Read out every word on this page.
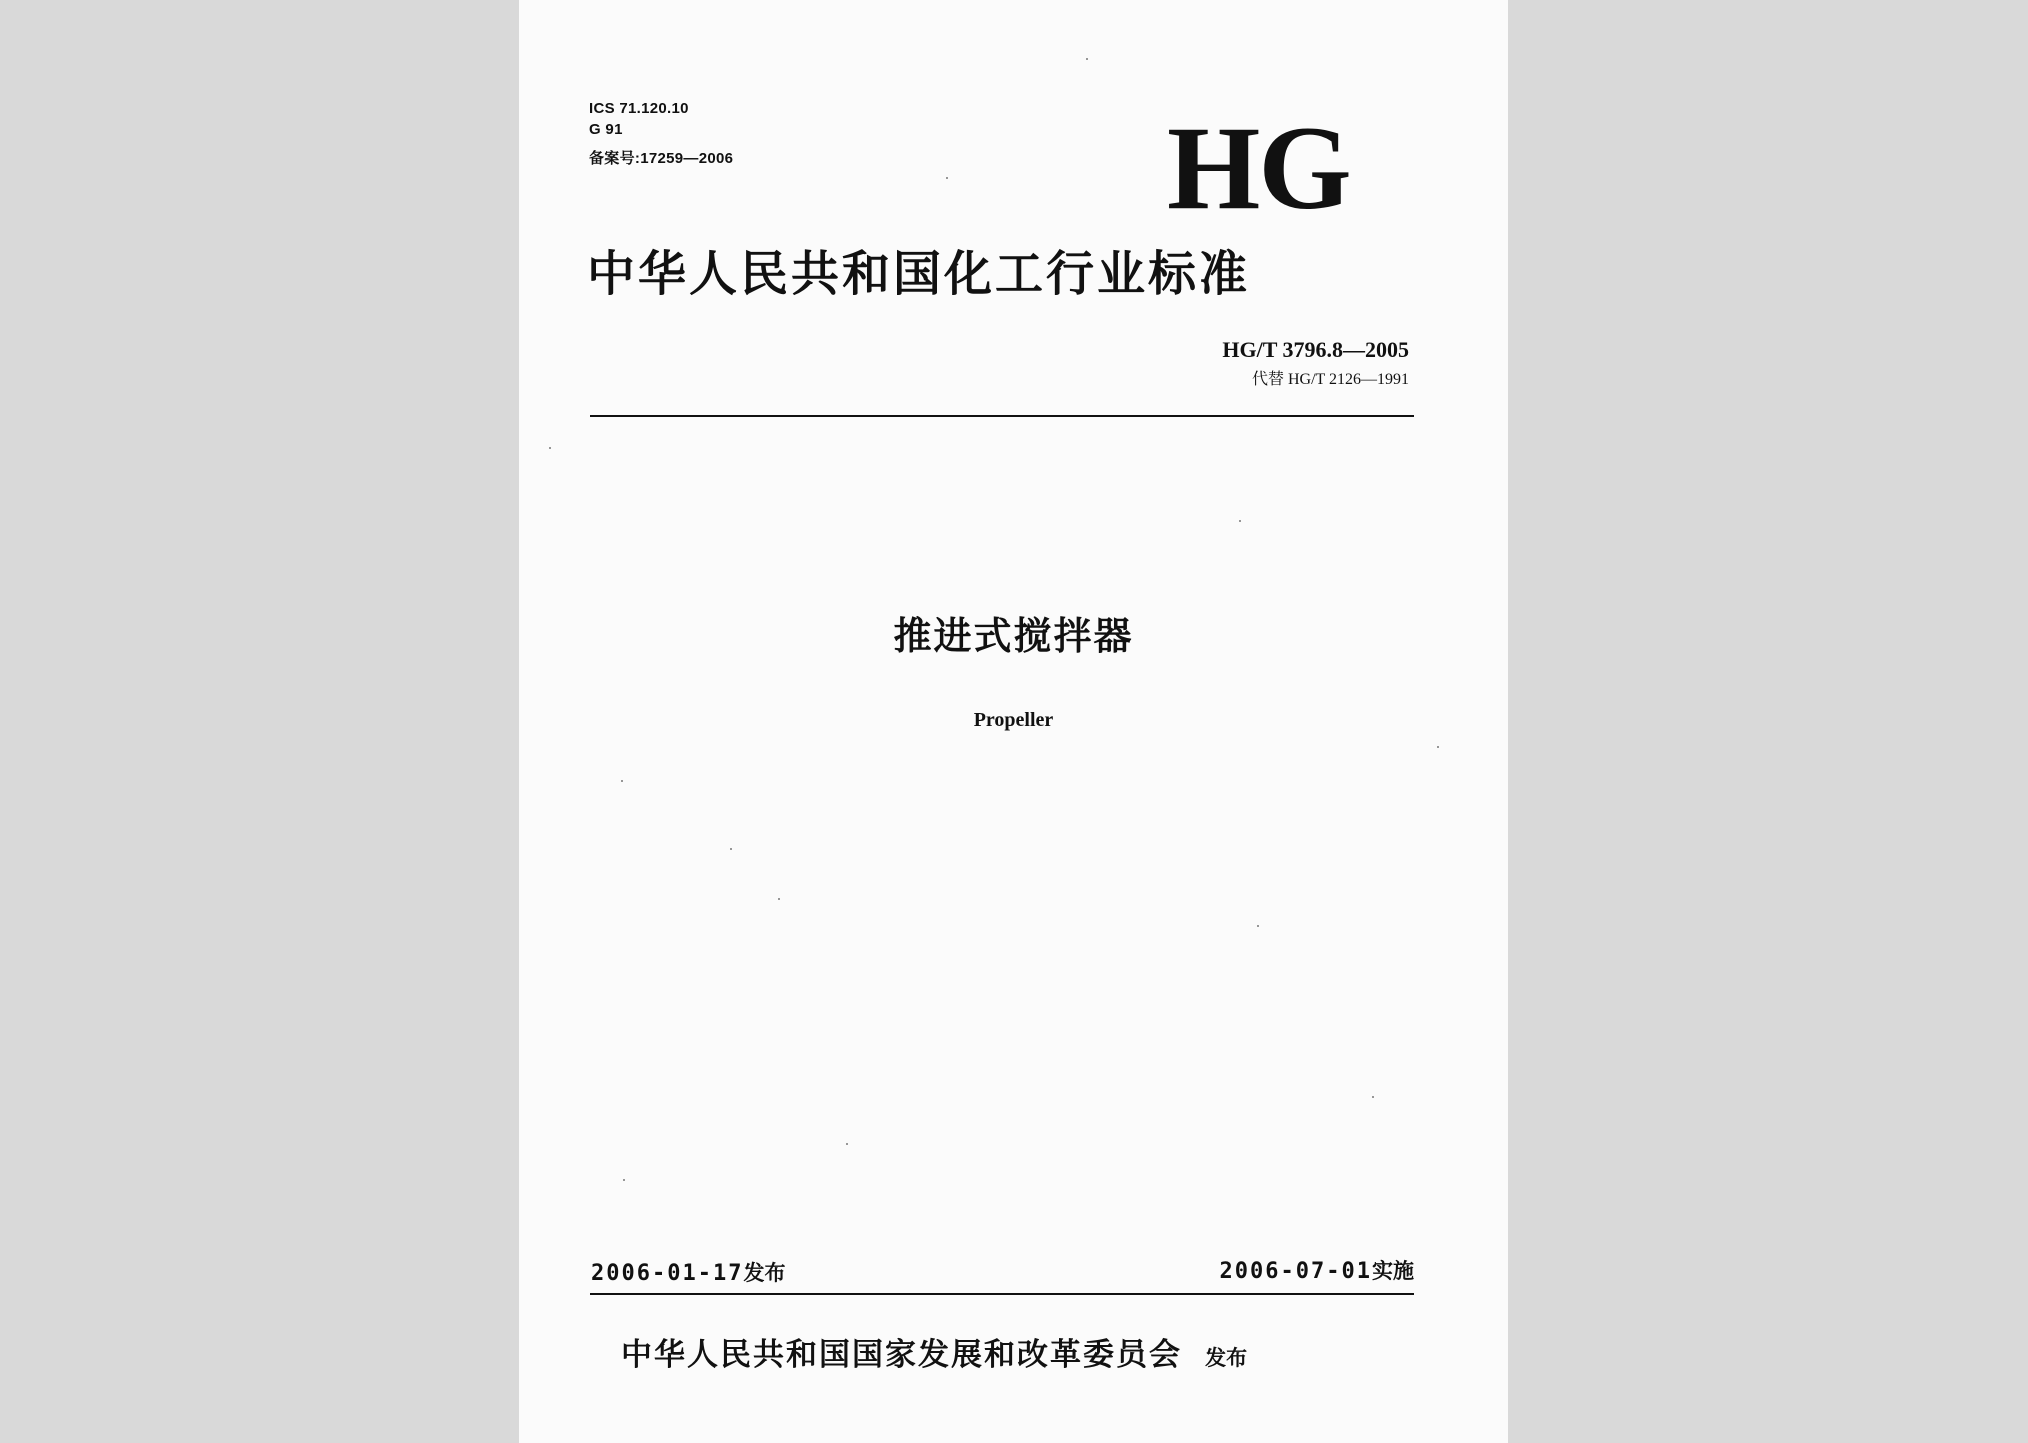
ICS 71.120.10
G 91
备案号:17259—2006	HG
中华人民共和国化工行业标准
HG/T 3796.8—2005
代替 HG/T 2126—1991
推进式搅拌器
Propeller
2006-01-17发布	2006-07-01实施
中华人民共和国国家发展和改革委员会 发布
